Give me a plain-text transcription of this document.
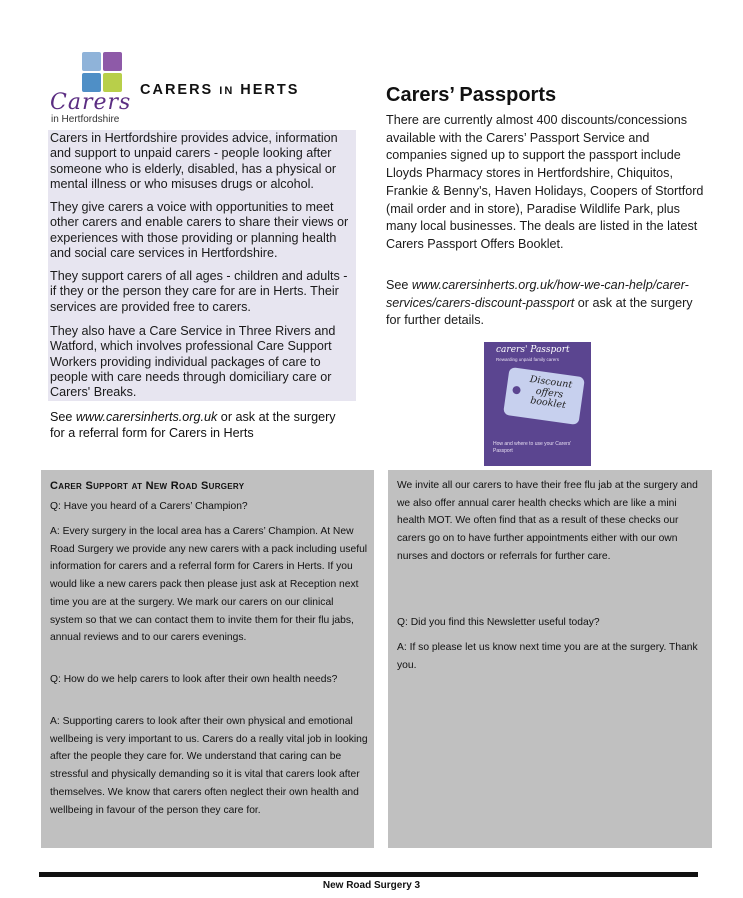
Carers
in Hertfordshire
CARERS IN HERTS

Carers in Hertfordshire provides advice, information and support to unpaid carers - people looking after someone who is elderly, disabled, has a physical or mental illness or who misuses drugs or alcohol.

They give carers a voice with opportunities to meet other carers and enable carers to share their views or experiences with those providing or planning health and social care services in Hertfordshire.

They support carers of all ages - children and adults - if they or the person they care for are in Herts. Their services are provided free to carers.

They also have a Care Service in Three Rivers and Watford, which involves professional Care Support Workers providing individual packages of care to people with care needs through domiciliary care or Carers' Breaks.

See www.carersinherts.org.uk or ask at the surgery for a referral form for Carers in Herts
Carers’ Passports
There are currently almost 400 discounts/concessions available with the Carers’ Passport Service and companies signed up to support the passport include Lloyds Pharmacy stores in Hertfordshire, Chiquitos, Frankie & Benny's, Haven Holidays, Coopers of Stortford (mail order and in store), Paradise Wildlife Park, plus many local businesses. The deals are listed in the latest Carers Passport Offers Booklet.
See www.carersinherts.org.uk/how-we-can-help/carer-services/carers-discount-passport or ask at the surgery for further details.
carers' Passport
Rewarding unpaid family carers
Discount offers booklet
How and where to use your Carers' Passport
Carer Support at New Road Surgery
Q: Have you heard of a Carers’ Champion?
A: Every surgery in the local area has a Carers’ Champion. At New Road Surgery we provide any new carers with a pack including useful information for carers and a referral form for Carers in Herts. If you would like a new carers pack then please just ask at Reception next time you are at the surgery. We mark our carers on our clinical system so that we can contact them to invite them for their flu jabs, annual reviews and to our carers evenings.
Q: How do we help carers to look after their own health needs?
A: Supporting carers to look after their own physical and emotional wellbeing is very important to us. Carers do a really vital job in looking after the people they care for. We understand that caring can be stressful and physically demanding so it is vital that carers look after themselves. We know that carers often neglect their own health and wellbeing in favour of the person they care for.
We invite all our carers to have their free flu jab at the surgery and we also offer annual carer health checks which are like a mini health MOT. We often find that as a result of these checks our carers go on to have further appointments either with our own nurses and doctors or referrals for further care.
Q: Did you find this Newsletter useful today?
A: If so please let us know next time you are at the surgery. Thank you.
New Road Surgery 3
